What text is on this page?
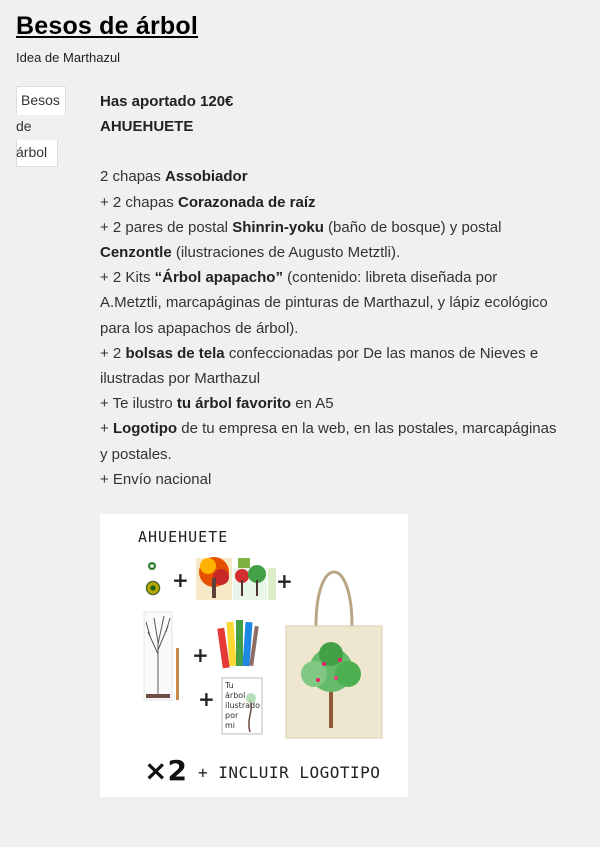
Besos de árbol
Idea de Marthazul
Besos
de
árbol

Has aportado 120€

AHUEHUETE

2 chapas Assobiador

+ 2 chapas Corazonada de raíz

+ 2 pares de postal Shinrin-yoku (baño de bosque) y postal

Cenzontle (ilustraciones de Augusto Metztli).

+ 2 Kits “Árbol apapacho” (contenido: libreta diseñada por

A.Metztli, marcapáginas de pinturas de Marthazul, y lápiz ecológico

para los apapachos de árbol).

+ 2 bolsas de tela confeccionadas por De las manos de Nieves e

ilustradas por Marthazul

+ Te ilustro tu árbol favorito en A5

+ Logotipo de tu empresa en la web, en las postales, marcapáginas

y postales.

+ Envío nacional

AHUEHUETE
+	+
+
+
Tu
árbol
ilustrado
por
mi
×2 + INCLUIR LOGOTIPO
